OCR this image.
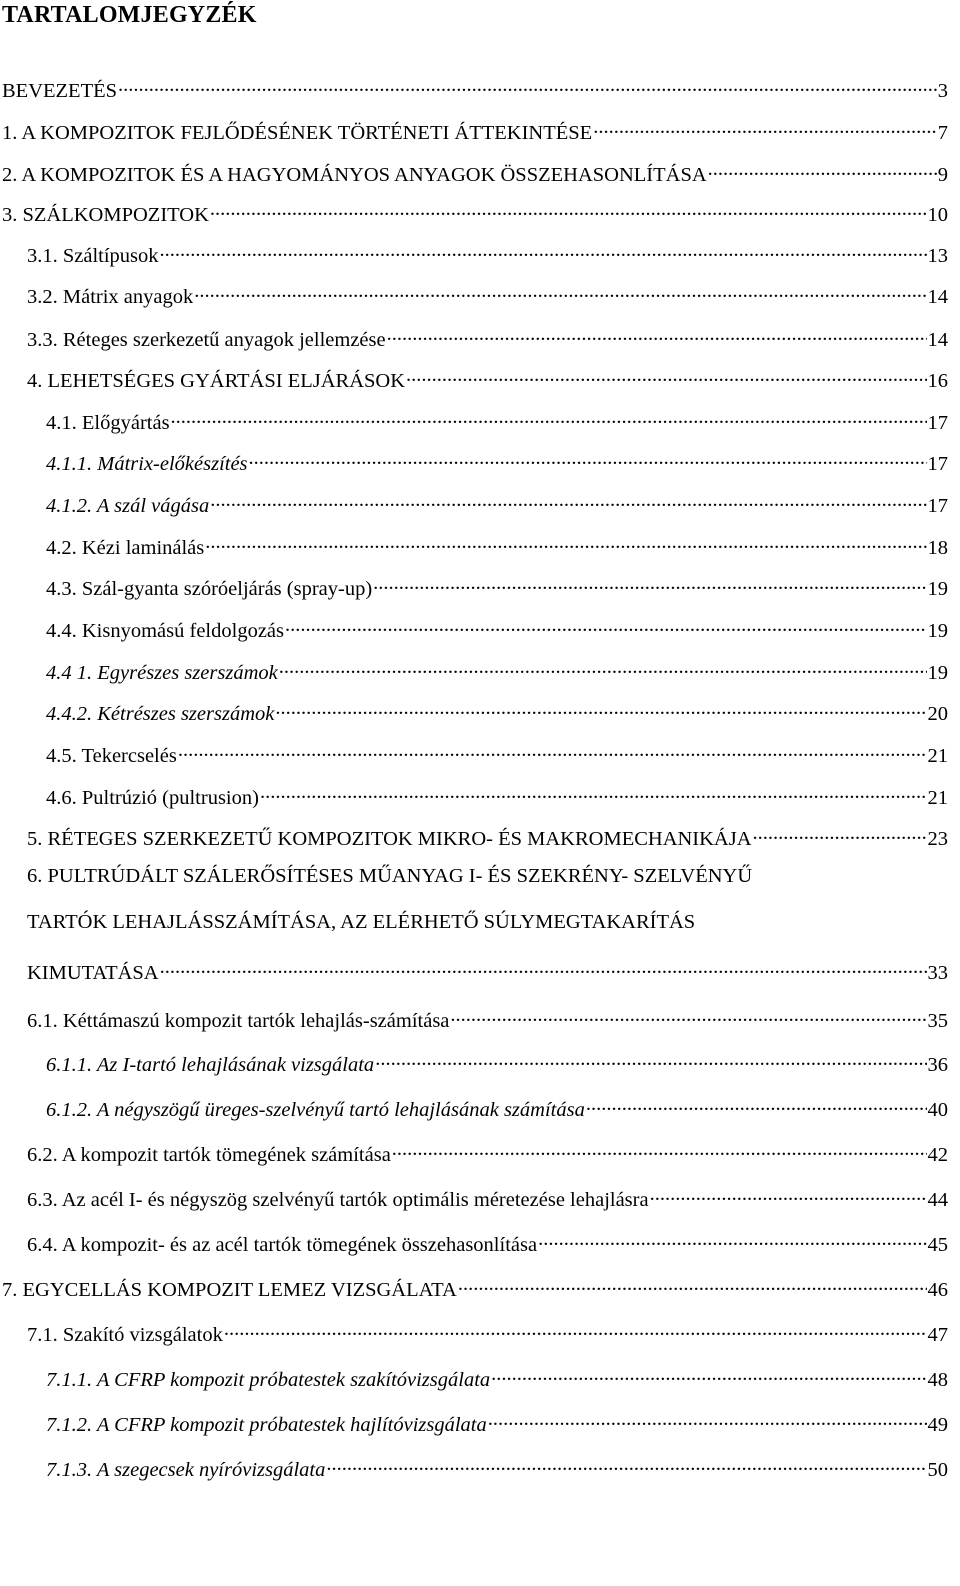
TARTALOMJEGYZÉK
BEVEZETÉS .....	3
1. A KOMPOZITOK FEJLŐDÉSÉNEK TÖRTÉNETI ÁTTEKINTÉSE .....	7
2. A KOMPOZITOK ÉS A HAGYOMÁNYOS ANYAGOK ÖSSZEHASONLÍTÁSA .....	9
3. SZÁLKOMPOZITOK .....	10
3.1. Száltípusok .....	13
3.2. Mátrix anyagok .....	14
3.3. Réteges szerkezetű anyagok jellemzése .....	14
4. LEHETSÉGES GYÁRTÁSI ELJÁRÁSOK .....	16
4.1. Előgyártás .....	17
4.1.1. Mátrix-előkészítés .....	17
4.1.2. A szál vágása .....	17
4.2. Kézi laminálás .....	18
4.3. Szál-gyanta szóróeljárás (spray-up) .....	19
4.4. Kisnyomású feldolgozás .....	19
4.4 1. Egyrészes szerszámok .....	19
4.4.2. Kétrészes szerszámok .....	20
4.5. Tekercselés .....	21
4.6. Pultrúzió (pultrusion) .....	21
5. RÉTEGES SZERKEZETŰ KOMPOZITOK MIKRO- ÉS MAKROMECHANIKÁJA .....	23
6. PULTRÚDÁLT SZÁLERŐSÍTÉSES MŰANYAG I- ÉS SZEKRÉNY- SZELVÉNYŰ
TARTÓK LEHAJLÁSSZÁMÍTÁSA, AZ ELÉRHETŐ SÚLYMEGTAKARÍTÁS
KIMUTATÁSA .....	33
6.1. Kéttámaszú kompozit tartók lehajlás-számítása .....	35
6.1.1. Az I-tartó lehajlásának vizsgálata .....	36
6.1.2. A négyszögű üreges-szelvényű tartó lehajlásának számítása .....	40
6.2. A kompozit tartók tömegének számítása .....	42
6.3. Az acél I- és négyszög szelvényű tartók optimális méretezése lehajlásra .....	44
6.4. A kompozit- és az acél tartók tömegének összehasonlítása .....	45
7. EGYCELLÁS KOMPOZIT LEMEZ VIZSGÁLATA .....	46
7.1. Szakító vizsgálatok .....	47
7.1.1. A CFRP kompozit próbatestek szakítóvizsgálata .....	48
7.1.2. A CFRP kompozit próbatestek hajlítóvizsgálata .....	49
7.1.3. A szegecsek nyíróvizsgálata .....	50
